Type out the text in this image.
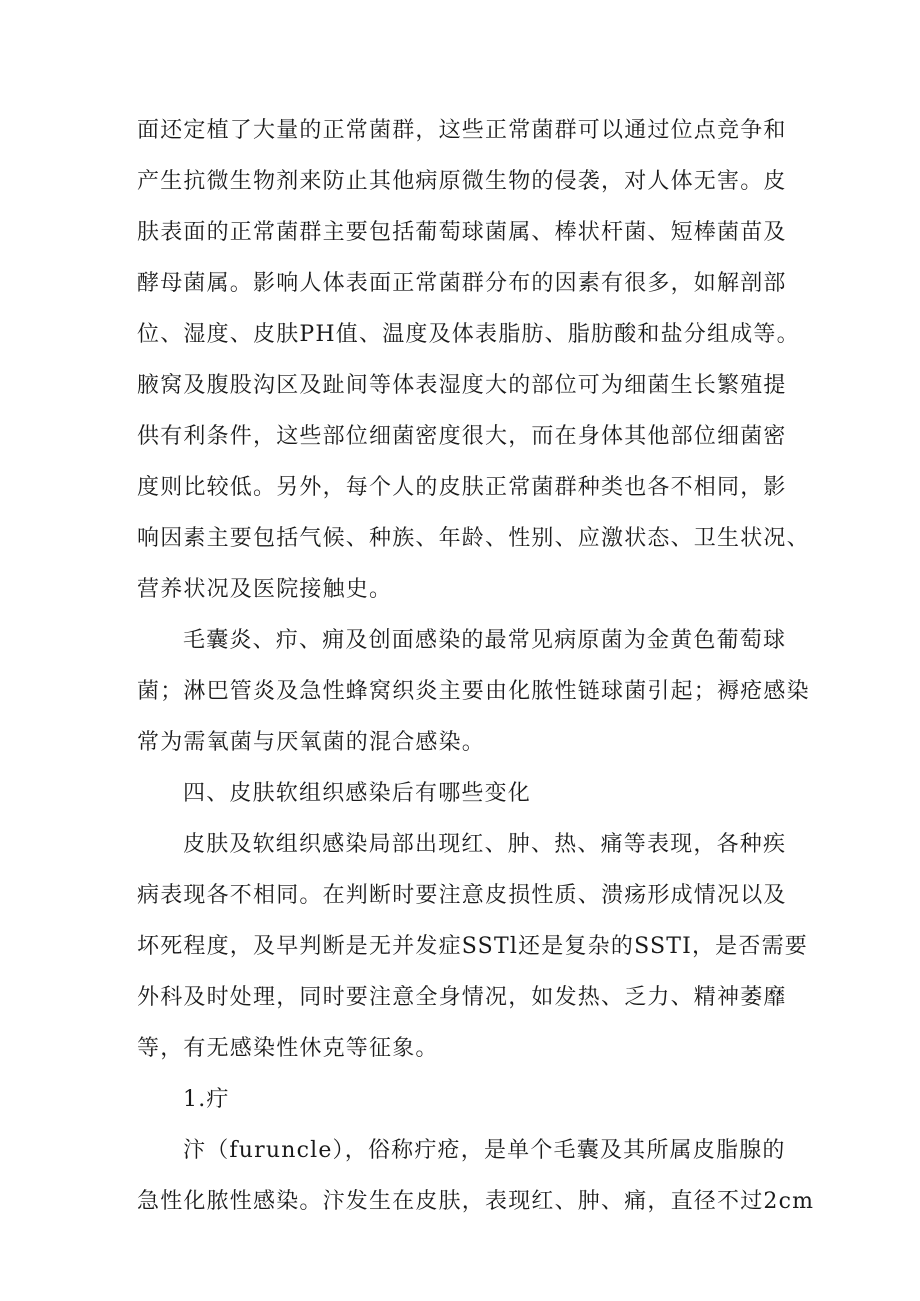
面还定植了大量的正常菌群，这些正常菌群可以通过位点竞争和
产生抗微生物剂来防止其他病原微生物的侵袭，对人体无害。皮
肤表面的正常菌群主要包括葡萄球菌属、棒状杆菌、短棒菌苗及
酵母菌属。影响人体表面正常菌群分布的因素有很多，如解剖部
位、湿度、皮肤PH值、温度及体表脂肪、脂肪酸和盐分组成等。
腋窝及腹股沟区及趾间等体表湿度大的部位可为细菌生长繁殖提
供有利条件，这些部位细菌密度很大，而在身体其他部位细菌密
度则比较低。另外，每个人的皮肤正常菌群种类也各不相同，影
响因素主要包括气候、种族、年龄、性别、应激状态、卫生状况、
营养状况及医院接触史。
毛囊炎、疖、痈及创面感染的最常见病原菌为金黄色葡萄球
菌；淋巴管炎及急性蜂窝织炎主要由化脓性链球菌引起；褥疮感染
常为需氧菌与厌氧菌的混合感染。
四、皮肤软组织感染后有哪些变化
皮肤及软组织感染局部出现红、肿、热、痛等表现，各种疾
病表现各不相同。在判断时要注意皮损性质、溃疡形成情况以及
坏死程度，及早判断是无并发症SSTl还是复杂的SSTI，是否需要
外科及时处理，同时要注意全身情况，如发热、乏力、精神萎靡
等，有无感染性休克等征象。
1.疔
汴（furuncle），俗称疔疮，是单个毛囊及其所属皮脂腺的
急性化脓性感染。汴发生在皮肤，表现红、肿、痛，直径不过2cm
